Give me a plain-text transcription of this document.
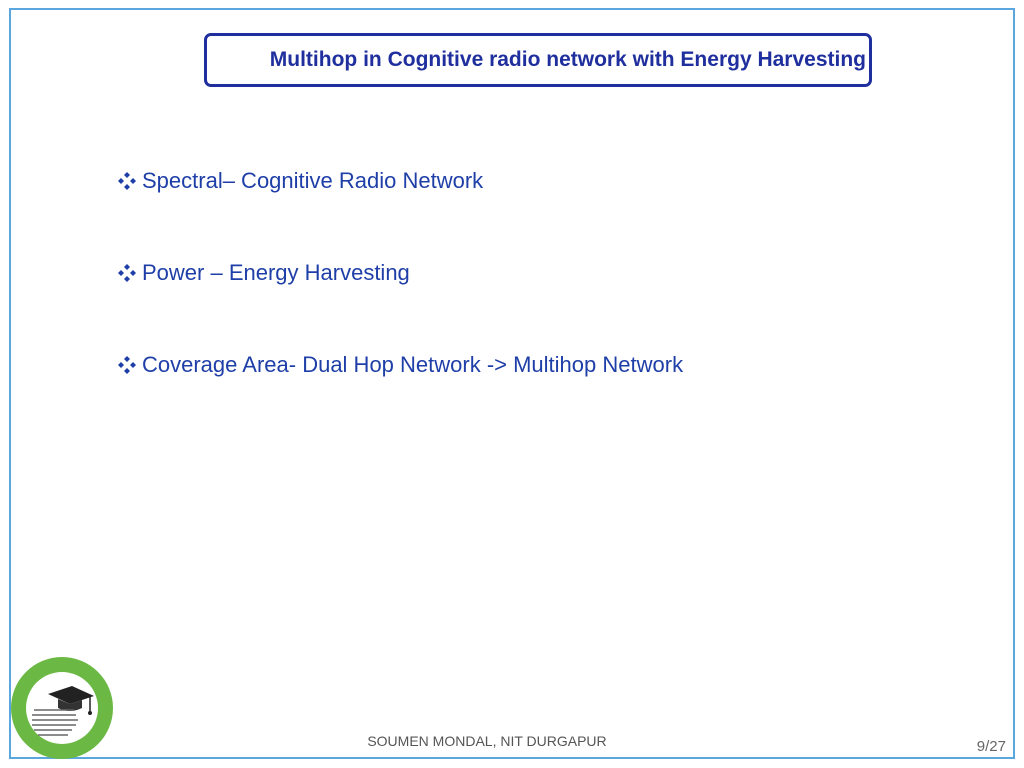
Multihop in Cognitive radio network with Energy Harvesting
Spectral– Cognitive Radio Network
Power – Energy Harvesting
Coverage Area- Dual Hop Network -> Multihop Network
SOUMEN MONDAL, NIT DURGAPUR	9/27
